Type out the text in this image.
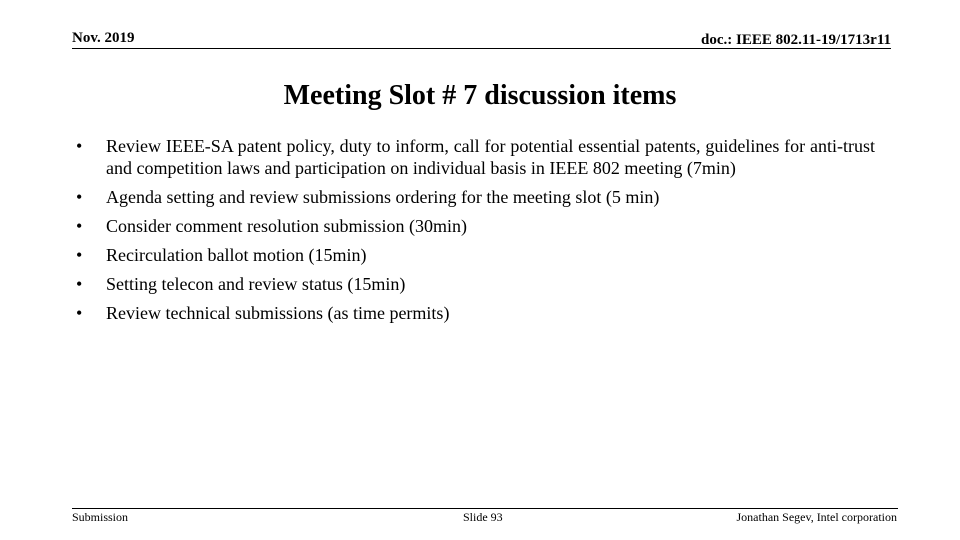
Nov. 2019	doc.: IEEE 802.11-19/1713r11
Meeting Slot # 7 discussion items
• Review IEEE-SA patent policy, duty to inform, call for potential essential patents, guidelines for anti-trust and competition laws and participation on individual basis in IEEE 802 meeting (7min)
• Agenda setting and review submissions ordering for the meeting slot (5 min)
• Consider comment resolution submission (30min)
• Recirculation ballot motion (15min)
• Setting telecon and review status (15min)
• Review technical submissions (as time permits)
Submission	Slide 93	Jonathan Segev, Intel corporation
